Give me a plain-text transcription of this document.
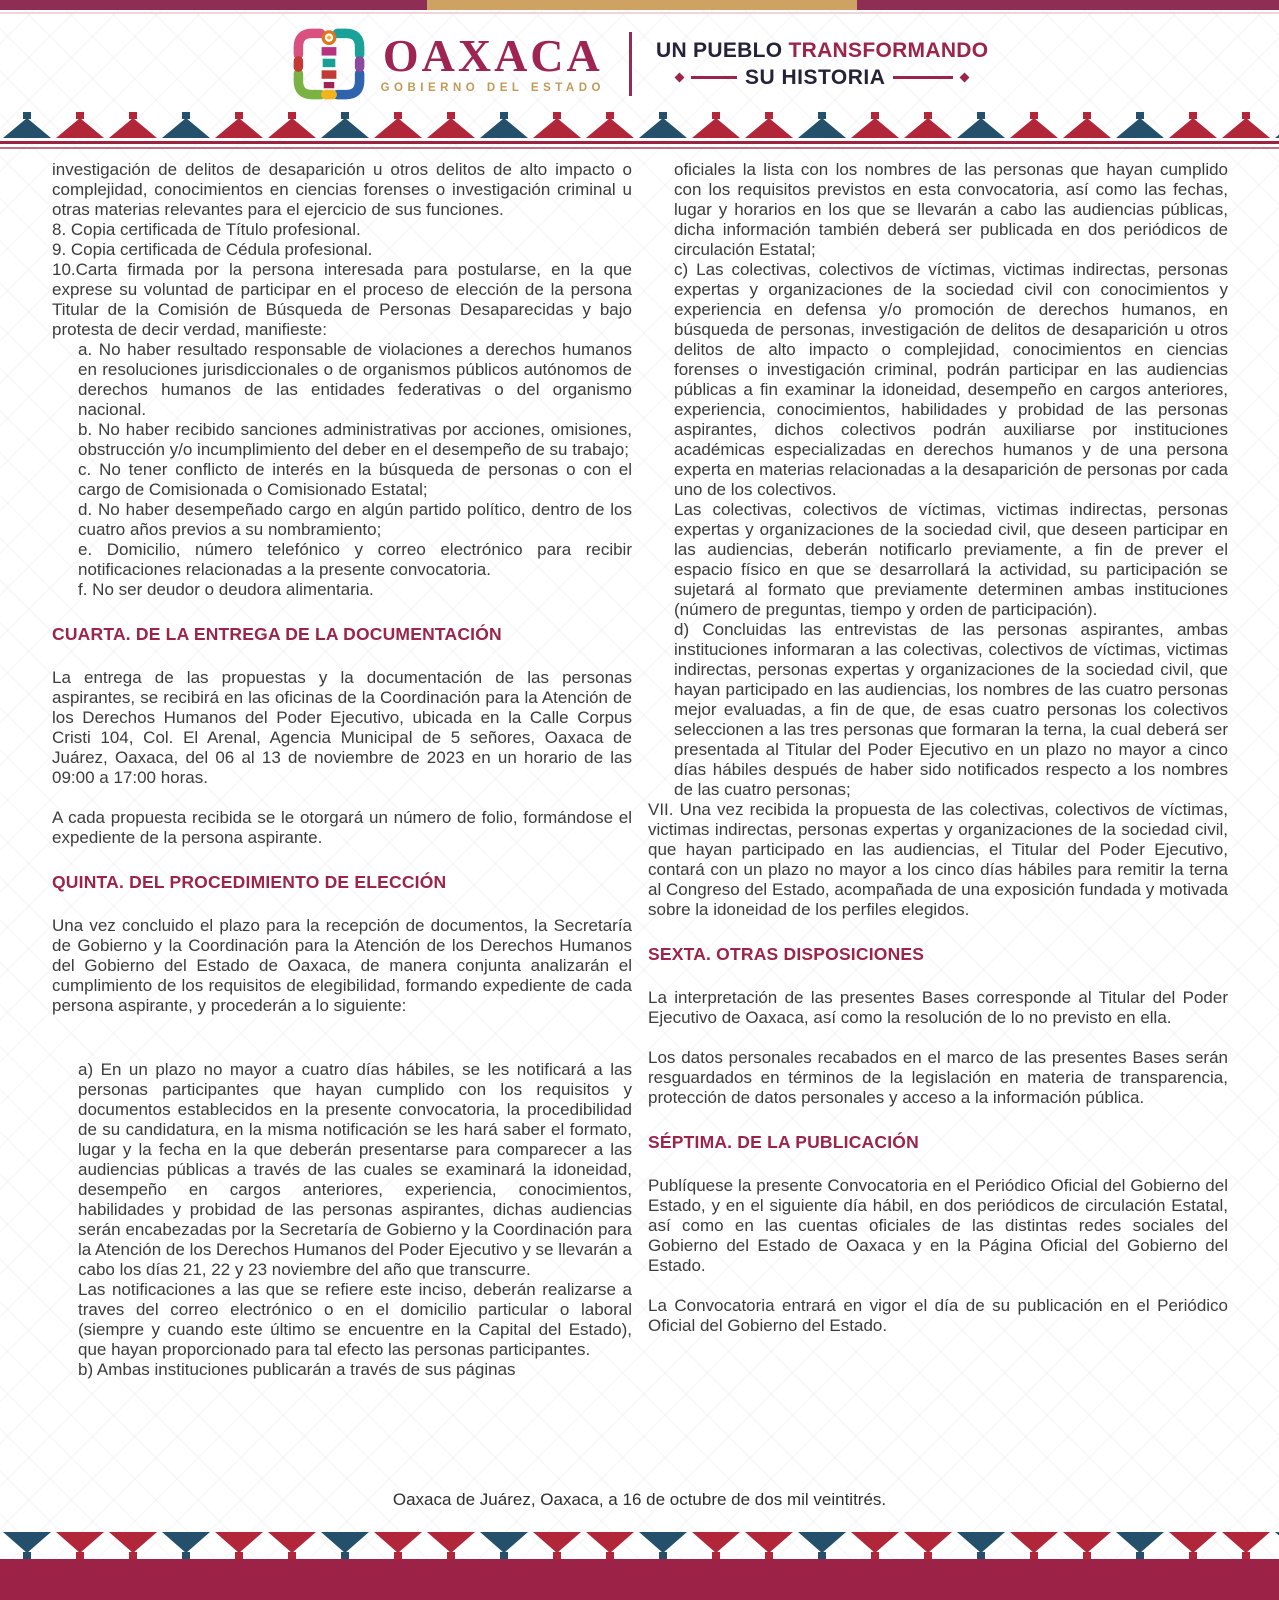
OAXACA
GOBIERNO DEL ESTADO
UN PUEBLO TRANSFORMANDO
SU HISTORIA

investigación de delitos de desaparición u otros delitos de alto impacto o complejidad, conocimientos en ciencias forenses o investigación criminal u otras materias relevantes para el ejercicio de sus funciones.

8. Copia certificada de Título profesional.

9. Copia certificada de Cédula profesional.

10.Carta firmada por la persona interesada para postularse, en la que exprese su voluntad de participar en el proceso de elección de la persona Titular de la Comisión de Búsqueda de Personas Desaparecidas y bajo protesta de decir verdad, manifieste:

a. No haber resultado responsable de violaciones a derechos humanos en resoluciones jurisdiccionales o de organismos públicos autónomos de derechos humanos de las entidades federativas o del organismo nacional.

b. No haber recibido sanciones administrativas por acciones, omisiones, obstrucción y/o incumplimiento del deber en el desempeño de su trabajo;

c. No tener conflicto de interés en la búsqueda de personas o con el cargo de Comisionada o Comisionado Estatal;

d. No haber desempeñado cargo en algún partido político, dentro de los cuatro años previos a su nombramiento;

e. Domicilio, número telefónico y correo electrónico para recibir notificaciones relacionadas a la presente convocatoria.

f. No ser deudor o deudora alimentaria.

CUARTA. DE LA ENTREGA DE LA DOCUMENTACIÓN

La entrega de las propuestas y la documentación de las personas aspirantes, se recibirá en las oficinas de la Coordinación para la Atención de los Derechos Humanos del Poder Ejecutivo, ubicada en la Calle Corpus Cristi 104, Col. El Arenal, Agencia Municipal de 5 señores, Oaxaca de Juárez, Oaxaca, del 06 al 13 de noviembre de 2023 en un horario de las 09:00 a 17:00 horas.

A cada propuesta recibida se le otorgará un número de folio, formándose el expediente de la persona aspirante.

QUINTA. DEL PROCEDIMIENTO DE ELECCIÓN

Una vez concluido el plazo para la recepción de documentos, la Secretaría de Gobierno y la Coordinación para la Atención de los Derechos Humanos del Gobierno del Estado de Oaxaca, de manera conjunta analizarán el cumplimiento de los requisitos de elegibilidad, formando expediente de cada persona aspirante, y procederán a lo siguiente:

a) En un plazo no mayor a cuatro días hábiles, se les notificará a las personas participantes que hayan cumplido con los requisitos y documentos establecidos en la presente convocatoria, la procedibilidad de su candidatura, en la misma notificación se les hará saber el formato, lugar y la fecha en la que deberán presentarse para comparecer a las audiencias públicas a través de las cuales se examinará la idoneidad, desempeño en cargos anteriores, experiencia, conocimientos, habilidades y probidad de las personas aspirantes, dichas audiencias serán encabezadas por la Secretaría de Gobierno y la Coordinación para la Atención de los Derechos Humanos del Poder Ejecutivo y se llevarán a cabo los días 21, 22 y 23 noviembre del año que transcurre.

Las notificaciones a las que se refiere este inciso, deberán realizarse a traves del correo electrónico o en el domicilio particular o laboral (siempre y cuando este último se encuentre en la Capital del Estado), que hayan proporcionado para tal efecto las personas participantes.

b) Ambas instituciones publicarán a través de sus páginas

oficiales la lista con los nombres de las personas que hayan cumplido con los requisitos previstos en esta convocatoria, así como las fechas, lugar y horarios en los que se llevarán a cabo las audiencias públicas, dicha información también deberá ser publicada en dos periódicos de circulación Estatal;

c) Las colectivas, colectivos de víctimas, victimas indirectas, personas expertas y organizaciones de la sociedad civil con conocimientos y experiencia en defensa y/o promoción de derechos humanos, en búsqueda de personas, investigación de delitos de desaparición u otros delitos de alto impacto o complejidad, conocimientos en ciencias forenses o investigación criminal, podrán participar en las audiencias públicas a fin examinar la idoneidad, desempeño en cargos anteriores, experiencia, conocimientos, habilidades y probidad de las personas aspirantes, dichos colectivos podrán auxiliarse por instituciones académicas especializadas en derechos humanos y de una persona experta en materias relacionadas a la desaparición de personas por cada uno de los colectivos.

Las colectivas, colectivos de víctimas, victimas indirectas, personas expertas y organizaciones de la sociedad civil, que deseen participar en las audiencias, deberán notificarlo previamente, a fin de prever el espacio físico en que se desarrollará la actividad, su participación se sujetará al formato que previamente determinen ambas instituciones (número de preguntas, tiempo y orden de participación).

d) Concluidas las entrevistas de las personas aspirantes, ambas instituciones informaran a las colectivas, colectivos de víctimas, victimas indirectas, personas expertas y organizaciones de la sociedad civil, que hayan participado en las audiencias, los nombres de las cuatro personas mejor evaluadas, a fin de que, de esas cuatro personas los colectivos seleccionen a las tres personas que formaran la terna, la cual deberá ser presentada al Titular del Poder Ejecutivo en un plazo no mayor a cinco días hábiles después de haber sido notificados respecto a los nombres de las cuatro personas;

VII. Una vez recibida la propuesta de las colectivas, colectivos de víctimas, victimas indirectas, personas expertas y organizaciones de la sociedad civil, que hayan participado en las audiencias, el Titular del Poder Ejecutivo, contará con un plazo no mayor a los cinco días hábiles para remitir la terna al Congreso del Estado, acompañada de una exposición fundada y motivada sobre la idoneidad de los perfiles elegidos.

SEXTA. OTRAS DISPOSICIONES

La interpretación de las presentes Bases corresponde al Titular del Poder Ejecutivo de Oaxaca, así como la resolución de lo no previsto en ella.

Los datos personales recabados en el marco de las presentes Bases serán resguardados en términos de la legislación en materia de transparencia, protección de datos personales y acceso a la información pública.

SÉPTIMA. DE LA PUBLICACIÓN

Publíquese la presente Convocatoria en el Periódico Oficial del Gobierno del Estado, y en el siguiente día hábil, en dos periódicos de circulación Estatal, así como en las cuentas oficiales de las distintas redes sociales del Gobierno del Estado de Oaxaca y en la Página Oficial del Gobierno del Estado.

La Convocatoria entrará en vigor el día de su publicación en el Periódico Oficial del Gobierno del Estado.

Oaxaca de Juárez, Oaxaca, a 16 de octubre de dos mil veintitrés.
